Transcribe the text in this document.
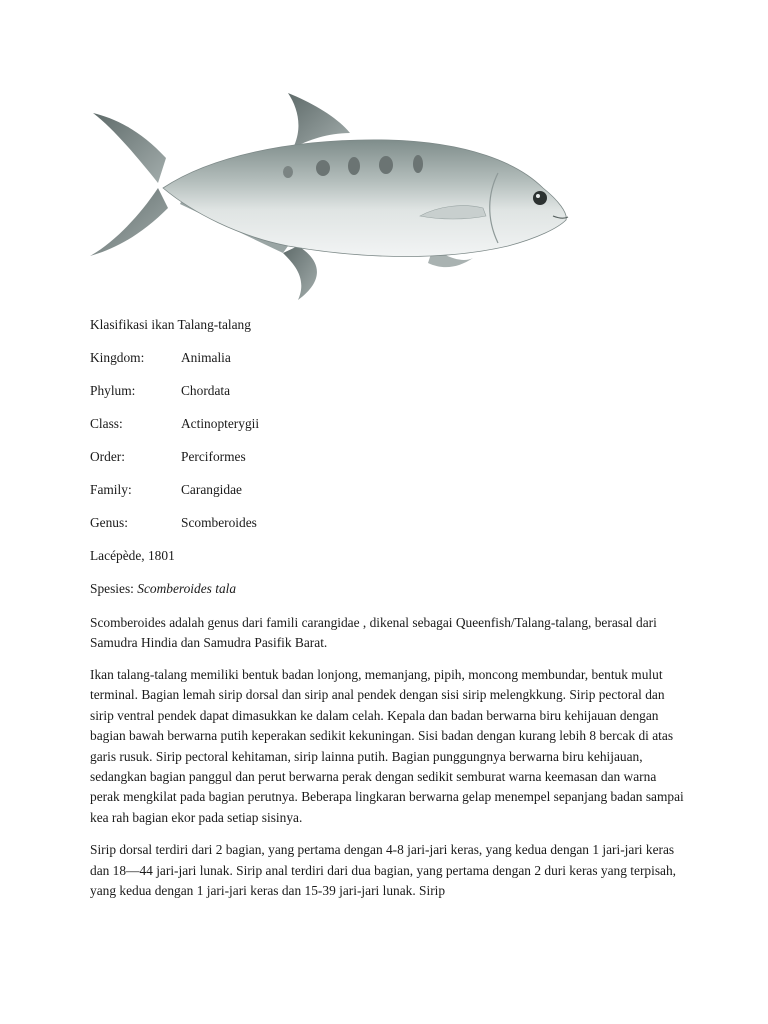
Klasifikasi ikan Talang-talang

Kingdom:	Animalia
Phylum:	Chordata
Class:	Actinopterygii
Order:	Perciformes
Family:	Carangidae
Genus:	Scomberoides

Lacépède, 1801

Spesies: Scomberoides tala

Scomberoides adalah genus dari famili carangidae , dikenal sebagai Queenfish/Talang-talang, berasal dari Samudra Hindia dan Samudra Pasifik Barat.

Ikan talang-talang memiliki bentuk badan lonjong, memanjang, pipih, moncong membundar, bentuk mulut terminal. Bagian lemah sirip dorsal dan sirip anal pendek dengan sisi sirip melengkkung. Sirip pectoral dan sirip ventral pendek dapat dimasukkan ke dalam celah. Kepala dan badan berwarna biru kehijauan dengan bagian bawah berwarna putih keperakan sedikit kekuningan. Sisi badan dengan kurang lebih 8 bercak di atas garis rusuk. Sirip pectoral kehitaman, sirip lainna putih. Bagian punggungnya berwarna biru kehijauan, sedangkan bagian panggul dan perut berwarna perak dengan sedikit semburat warna keemasan dan warna perak mengkilat pada bagian perutnya. Beberapa lingkaran berwarna gelap menempel sepanjang badan sampai kea rah bagian ekor pada setiap sisinya.

Sirip dorsal terdiri dari 2 bagian, yang pertama dengan 4-8 jari-jari keras, yang kedua dengan 1 jari-jari keras dan 18—44 jari-jari lunak. Sirip anal terdiri dari dua bagian, yang pertama dengan 2 duri keras yang terpisah, yang kedua dengan 1 jari-jari keras dan 15-39 jari-jari lunak. Sirip
